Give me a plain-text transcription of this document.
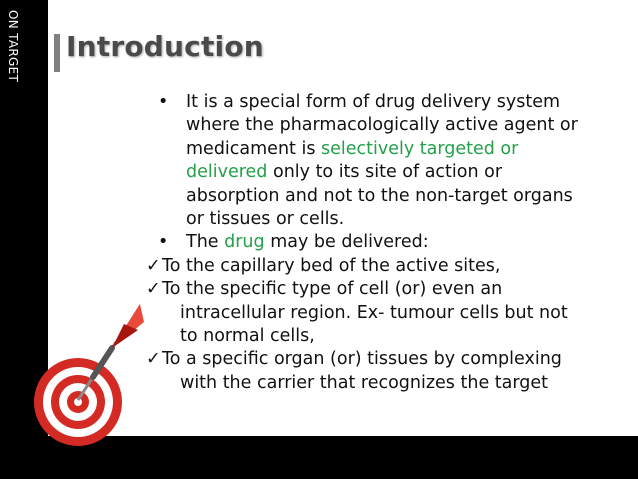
ON TARGET Introduction
• It is a special form of drug delivery system
where the pharmacologically active agent or
medicament is selectively targeted or
delivered only to its site of action or
absorption and not to the non-target organs
or tissues or cells.
• The drug may be delivered:
✓To the capillary bed of the active sites,
✓To the specific type of cell (or) even an
intracellular region. Ex- tumour cells but not
to normal cells,
✓To a specific organ (or) tissues by complexing
with the carrier that recognizes the target
